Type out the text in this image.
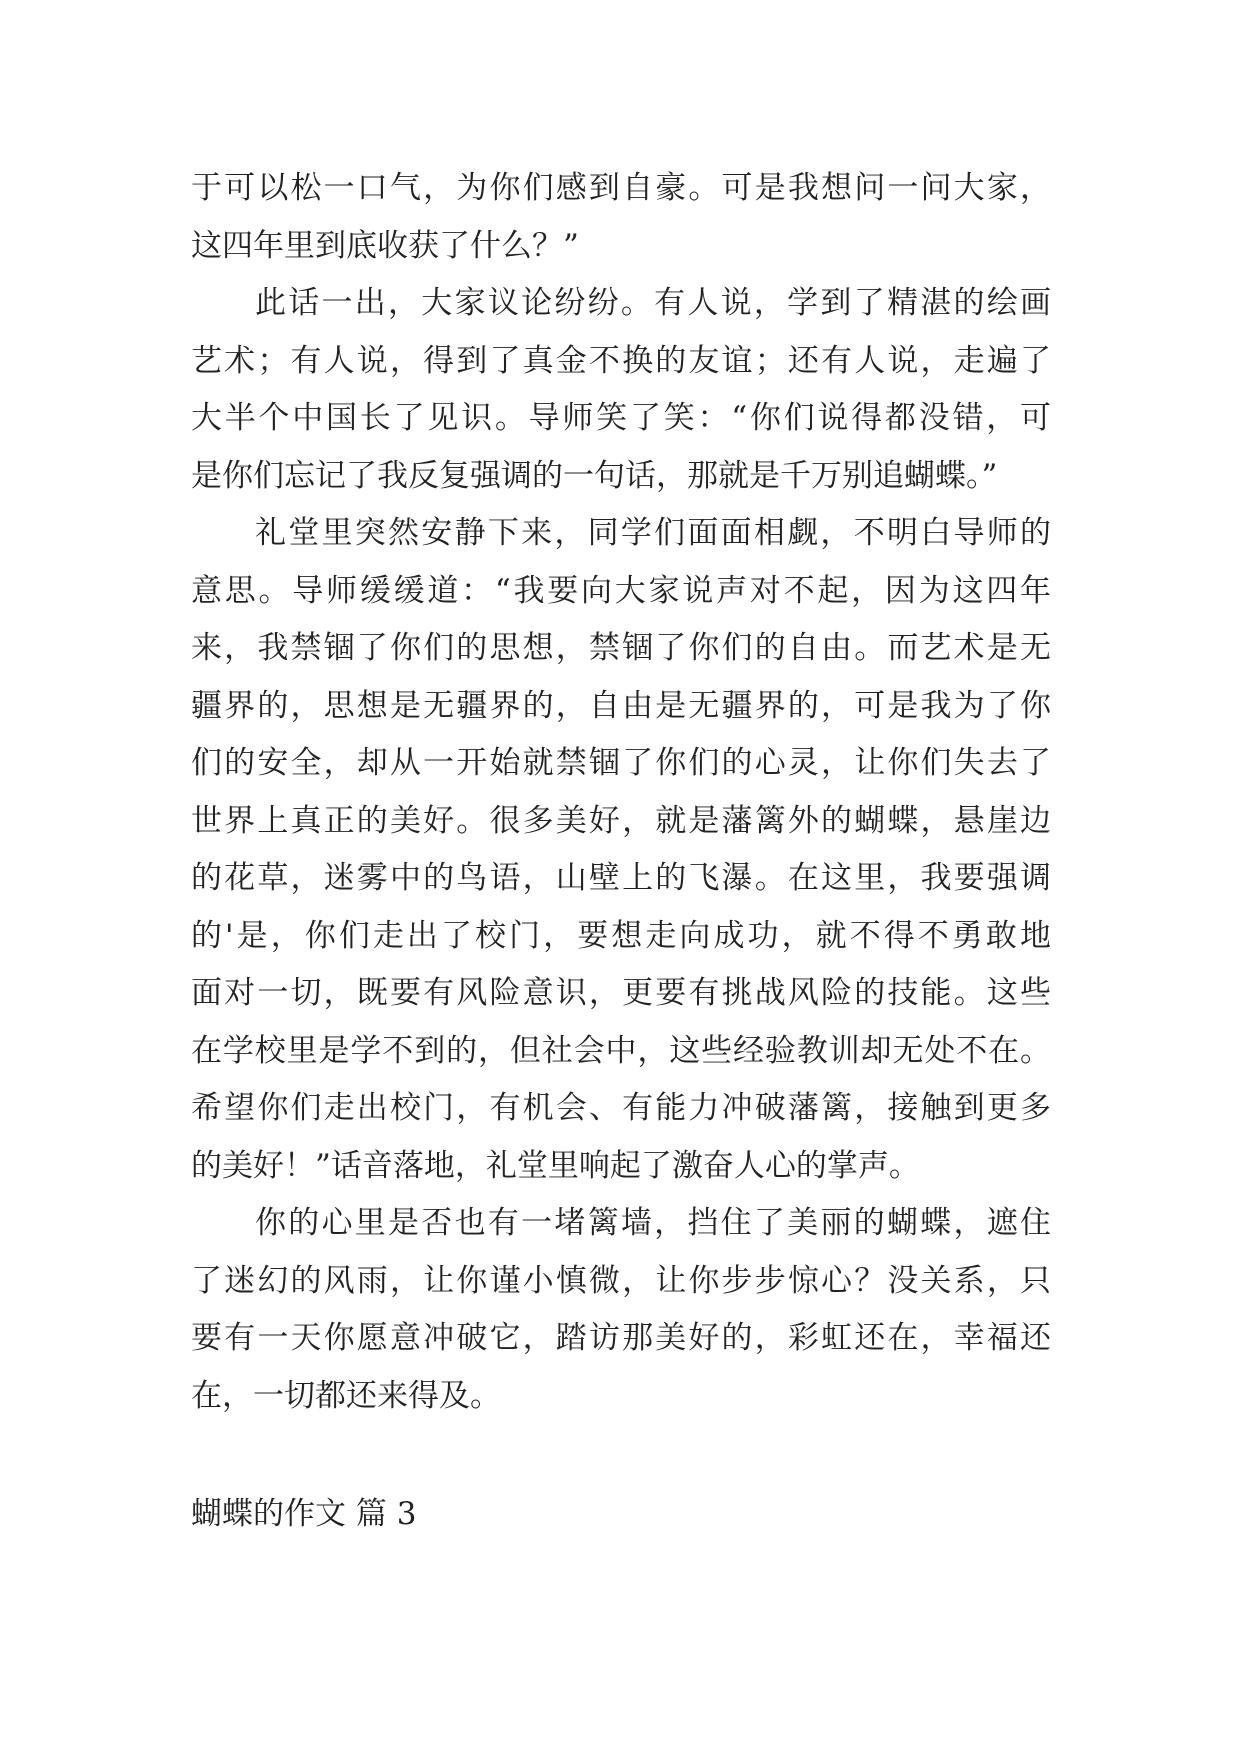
于可以松一口气，为你们感到自豪。可是我想问一问大家，
这四年里到底收获了什么？”
此话一出，大家议论纷纷。有人说，学到了精湛的绘画
艺术；有人说，得到了真金不换的友谊；还有人说，走遍了
大半个中国长了见识。导师笑了笑：“你们说得都没错，可
是你们忘记了我反复强调的一句话，那就是千万别追蝴蝶。”
礼堂里突然安静下来，同学们面面相觑，不明白导师的
意思。导师缓缓道：“我要向大家说声对不起，因为这四年
来，我禁锢了你们的思想，禁锢了你们的自由。而艺术是无
疆界的，思想是无疆界的，自由是无疆界的，可是我为了你
们的安全，却从一开始就禁锢了你们的心灵，让你们失去了
世界上真正的美好。很多美好，就是藩篱外的蝴蝶，悬崖边
的花草，迷雾中的鸟语，山壁上的飞瀑。在这里，我要强调
的'是，你们走出了校门，要想走向成功，就不得不勇敢地
面对一切，既要有风险意识，更要有挑战风险的技能。这些
在学校里是学不到的，但社会中，这些经验教训却无处不在。
希望你们走出校门，有机会、有能力冲破藩篱，接触到更多
的美好！”话音落地，礼堂里响起了激奋人心的掌声。
你的心里是否也有一堵篱墙，挡住了美丽的蝴蝶，遮住
了迷幻的风雨，让你谨小慎微，让你步步惊心？没关系，只
要有一天你愿意冲破它，踏访那美好的，彩虹还在，幸福还
在，一切都还来得及。
蝴蝶的作文 篇 3
